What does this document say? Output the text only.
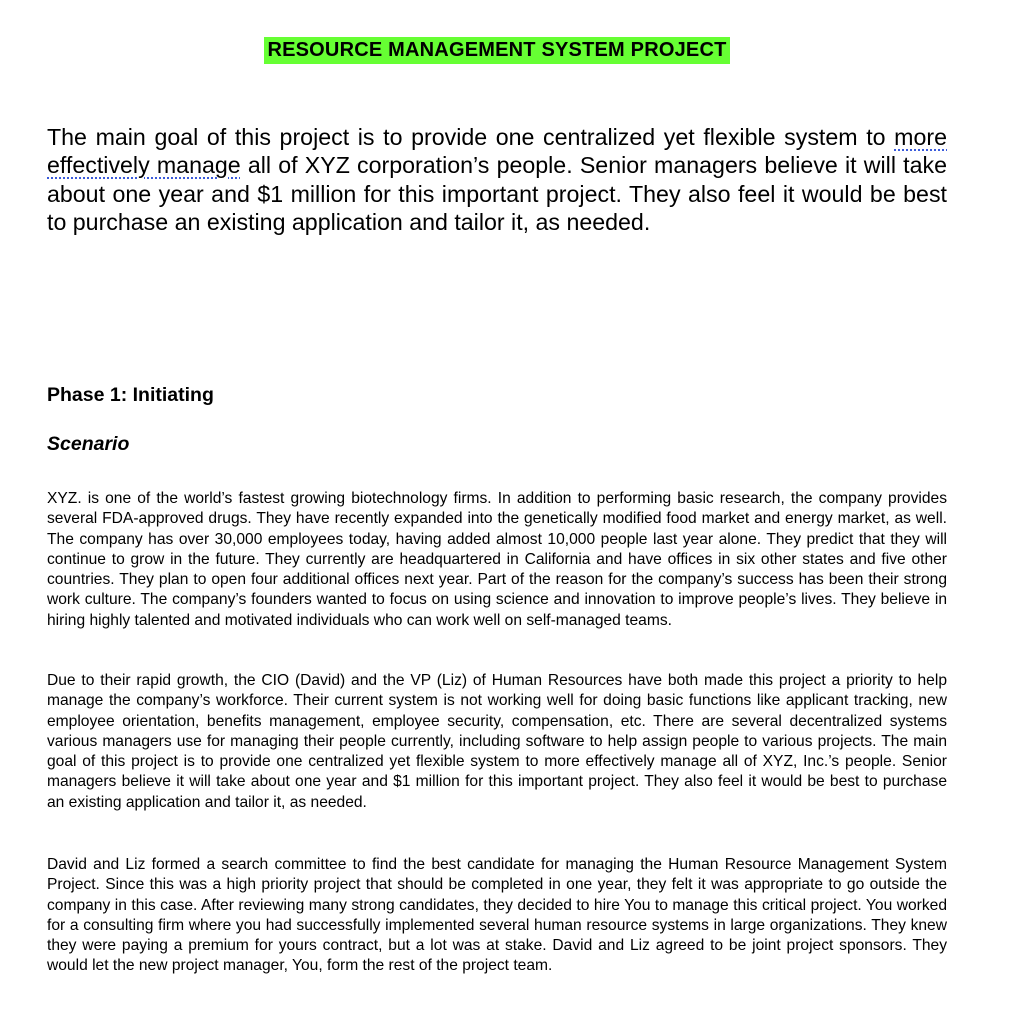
RESOURCE MANAGEMENT SYSTEM PROJECT

The main goal of this project is to provide one centralized yet flexible system to more effectively manage all of XYZ corporation’s people. Senior managers believe it will take about one year and $1 million for this important project. They also feel it would be best to purchase an existing application and tailor it, as needed.

Phase 1: Initiating
Scenario

XYZ. is one of the world’s fastest growing biotechnology firms. In addition to performing basic research, the company provides several FDA-approved drugs. They have recently expanded into the genetically modified food market and energy market, as well. The company has over 30,000 employees today, having added almost 10,000 people last year alone. They predict that they will continue to grow in the future. They currently are headquartered in California and have offices in six other states and five other countries. They plan to open four additional offices next year. Part of the reason for the company’s success has been their strong work culture. The company’s founders wanted to focus on using science and innovation to improve people’s lives. They believe in hiring highly talented and motivated individuals who can work well on self-managed teams.

Due to their rapid growth, the CIO (David) and the VP (Liz) of Human Resources have both made this project a priority to help manage the company’s workforce. Their current system is not working well for doing basic functions like applicant tracking, new employee orientation, benefits management, employee security, compensation, etc. There are several decentralized systems various managers use for managing their people currently, including software to help assign people to various projects. The main goal of this project is to provide one centralized yet flexible system to more effectively manage all of XYZ, Inc.’s people. Senior managers believe it will take about one year and $1 million for this important project. They also feel it would be best to purchase an existing application and tailor it, as needed.

David and Liz formed a search committee to find the best candidate for managing the Human Resource Management System Project. Since this was a high priority project that should be completed in one year, they felt it was appropriate to go outside the company in this case. After reviewing many strong candidates, they decided to hire You to manage this critical project. You worked for a consulting firm where you had successfully implemented several human resource systems in large organizations. They knew they were paying a premium for yours contract, but a lot was at stake. David and Liz agreed to be joint project sponsors. They would let the new project manager, You, form the rest of the project team.
